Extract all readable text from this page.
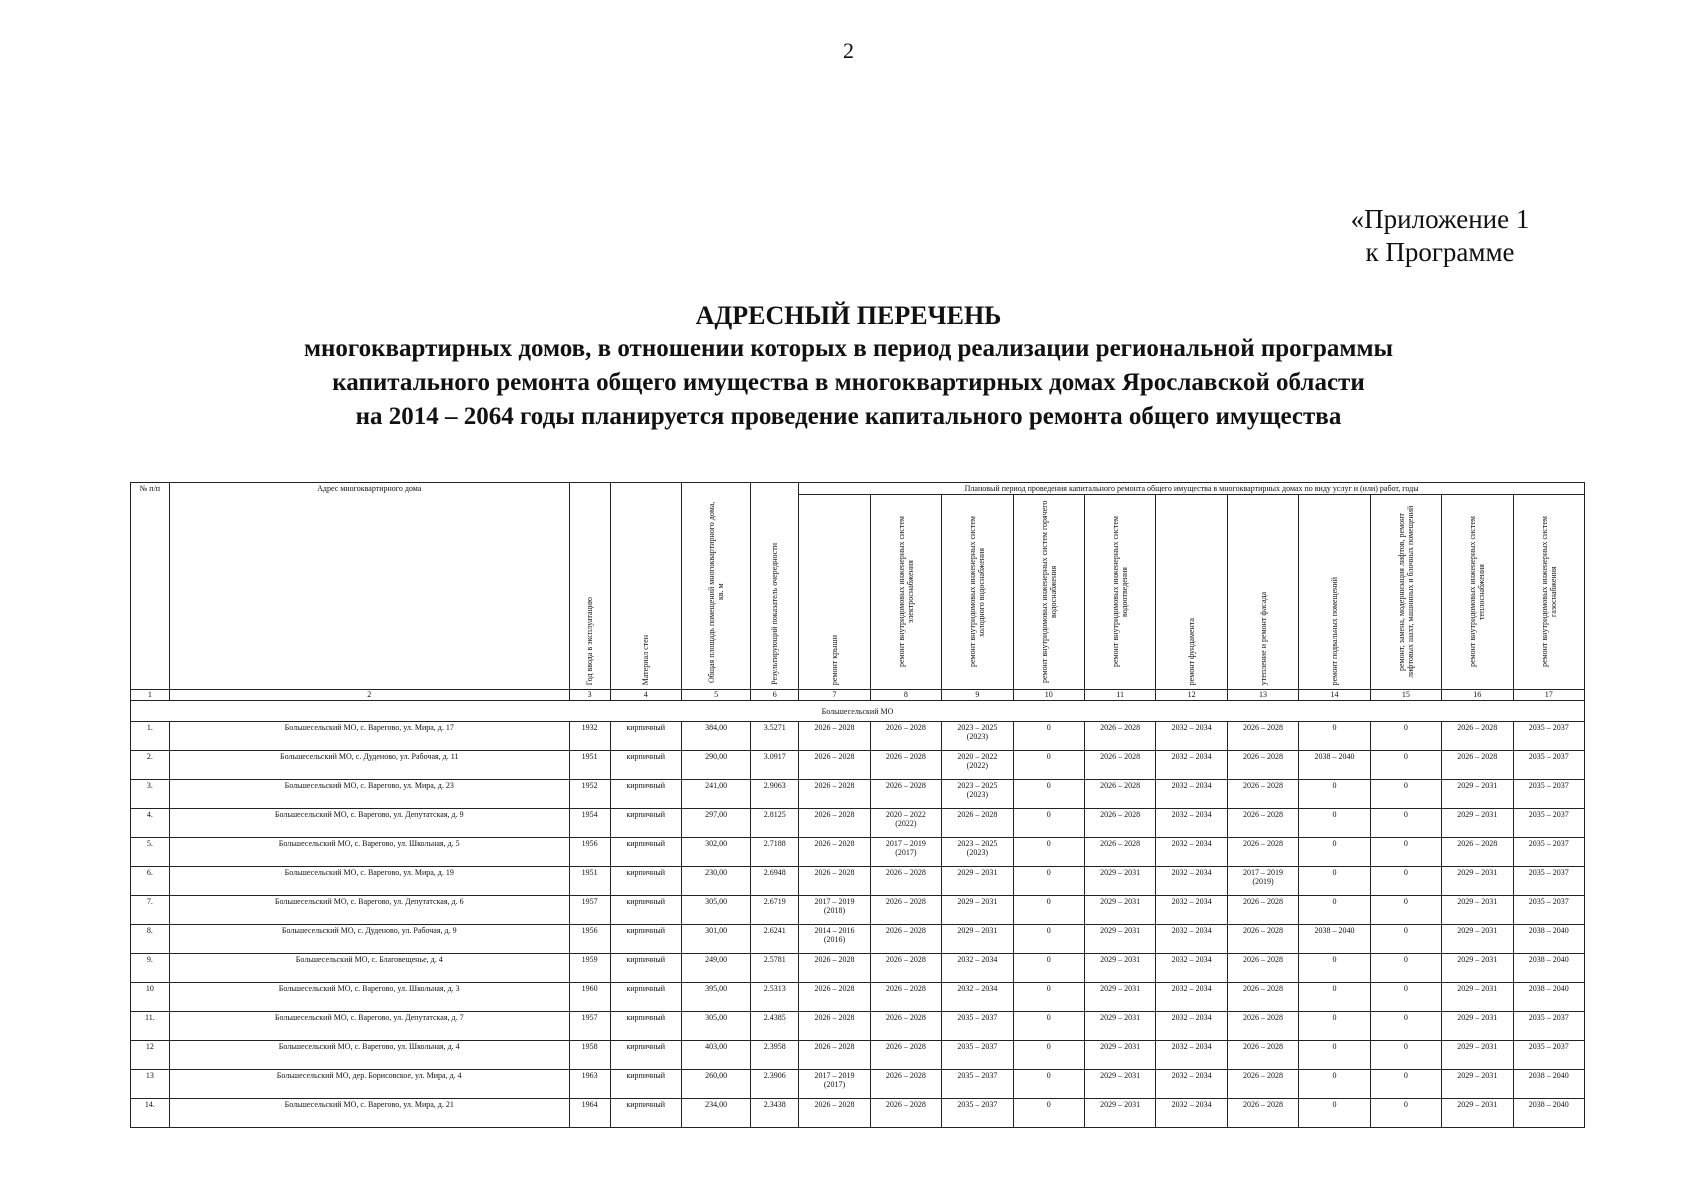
2
«Приложение 1
к Программе
АДРЕСНЫЙ ПЕРЕЧЕНЬ
многоквартирных домов, в отношении которых в период реализации региональной программы
капитального ремонта общего имущества в многоквартирных домах Ярославской области
на 2014 – 2064 годы планируется проведение капитального ремонта общего имущества
№ п/п	Адрес многоквартирного дома	Год ввода в эксплуатацию	Материал стен	Общая площадь помещений многоквартирного дома, кв. м	Результирующий показатель очередности	Плановый период проведения капитального ремонта общего имущества в многоквартирных домах по виду услуг и (или) работ, годы										
						ремонт крыши	ремонт внутридомовых инженерных систем электроснабжения	ремонт внутридомовых инженерных систем холодного водоснабжения	ремонт внутридомовых инженерных систем горячего водоснабжения	ремонт внутридомовых инженерных систем водоотведения	ремонт фундамента	утепление и ремонт фасада	ремонт подвальных помещений	ремонт, замена, модернизация лифтов, ремонт лифтовых шахт, машинных и блочных помещений	ремонт внутридомовых инженерных систем теплоснабжения	ремонт внутридомовых инженерных систем газоснабжения
1	2	3	4	5	6	7	8	9	10	11	12	13	14	15	16	17
Большесельский МО																
1.	Большесельский МО, с. Варегово, ул. Мира, д. 17	1932	кирпичный	384,00	3.5271	2026 – 2028	2026 – 2028	2023 – 2025
(2023)	0	2026 – 2028	2032 – 2034	2026 – 2028	0	0	2026 – 2028	2035 – 2037

2.	Большесельский МО, с. Дуденово, ул. Рабочая, д. 11	1951	кирпичный	290,00	3.0917	2026 – 2028	2026 – 2028	2020 – 2022
(2022)	0	2026 – 2028	2032 – 2034	2026 – 2028	2038 – 2040	0	2026 – 2028	2035 – 2037

3.	Большесельский МО, с. Варегово, ул. Мира, д. 23	1952	кирпичный	241,00	2.9063	2026 – 2028	2026 – 2028	2023 – 2025
(2023)	0	2026 – 2028	2032 – 2034	2026 – 2028	0	0	2029 – 2031	2035 – 2037

4.	Большесельский МО, с. Варегово, ул. Депутатская, д. 9	1954	кирпичный	297,00	2.8125	2026 – 2028	2020 – 2022
(2022)	2026 – 2028	0	2026 – 2028	2032 – 2034	2026 – 2028	0	0	2029 – 2031	2035 – 2037

5.	Большесельский МО, с. Варегово, ул. Школьная, д. 5	1956	кирпичный	302,00	2.7188	2026 – 2028	2017 – 2019
(2017)	2023 – 2025
(2023)	0	2026 – 2028	2032 – 2034	2026 – 2028	0	0	2026 – 2028	2035 – 2037

6.	Большесельский МО, с. Варегово, ул. Мира, д. 19	1951	кирпичный	230,00	2.6948	2026 – 2028	2026 – 2028	2029 – 2031	0	2029 – 2031	2032 – 2034	2017 – 2019
(2019)	0	0	2029 – 2031	2035 – 2037

7.	Большесельский МО, с. Варегово, ул. Депутатская, д. 6	1957	кирпичный	305,00	2.6719	2017 – 2019
(2018)	2026 – 2028	2029 – 2031	0	2029 – 2031	2032 – 2034	2026 – 2028	0	0	2029 – 2031	2035 – 2037

8.	Большесельский МО, с. Дуденово, ул. Рабочая, д. 9	1956	кирпичный	301,00	2.6241	2014 – 2016
(2016)	2026 – 2028	2029 – 2031	0	2029 – 2031	2032 – 2034	2026 – 2028	2038 – 2040	0	2029 – 2031	2038 – 2040

9.	Большесельский МО, с. Благовещенье, д. 4	1959	кирпичный	249,00	2.5781	2026 – 2028	2026 – 2028	2032 – 2034	0	2029 – 2031	2032 – 2034	2026 – 2028	0	0	2029 – 2031	2038 – 2040

10	Большесельский МО, с. Варегово, ул. Школьная, д. 3	1960	кирпичный	395,00	2.5313	2026 – 2028	2026 – 2028	2032 – 2034	0	2029 – 2031	2032 – 2034	2026 – 2028	0	0	2029 – 2031	2038 – 2040

11.	Большесельский МО, с. Варегово, ул. Депутатская, д. 7	1957	кирпичный	305,00	2.4385	2026 – 2028	2026 – 2028	2035 – 2037	0	2029 – 2031	2032 – 2034	2026 – 2028	0	0	2029 – 2031	2035 – 2037

12	Большесельский МО, с. Варегово, ул. Школьная, д. 4	1958	кирпичный	403,00	2.3958	2026 – 2028	2026 – 2028	2035 – 2037	0	2029 – 2031	2032 – 2034	2026 – 2028	0	0	2029 – 2031	2035 – 2037

13	Большесельский МО, дер. Борисовское, ул. Мира, д. 4	1963	кирпичный	260,00	2.3906	2017 – 2019
(2017)	2026 – 2028	2035 – 2037	0	2029 – 2031	2032 – 2034	2026 – 2028	0	0	2029 – 2031	2038 – 2040

14.	Большесельский МО, с. Варегово, ул. Мира, д. 21	1964	кирпичный	234,00	2.3438	2026 – 2028	2026 – 2028	2035 – 2037	0	2029 – 2031	2032 – 2034	2026 – 2028	0	0	2029 – 2031	2038 – 2040
